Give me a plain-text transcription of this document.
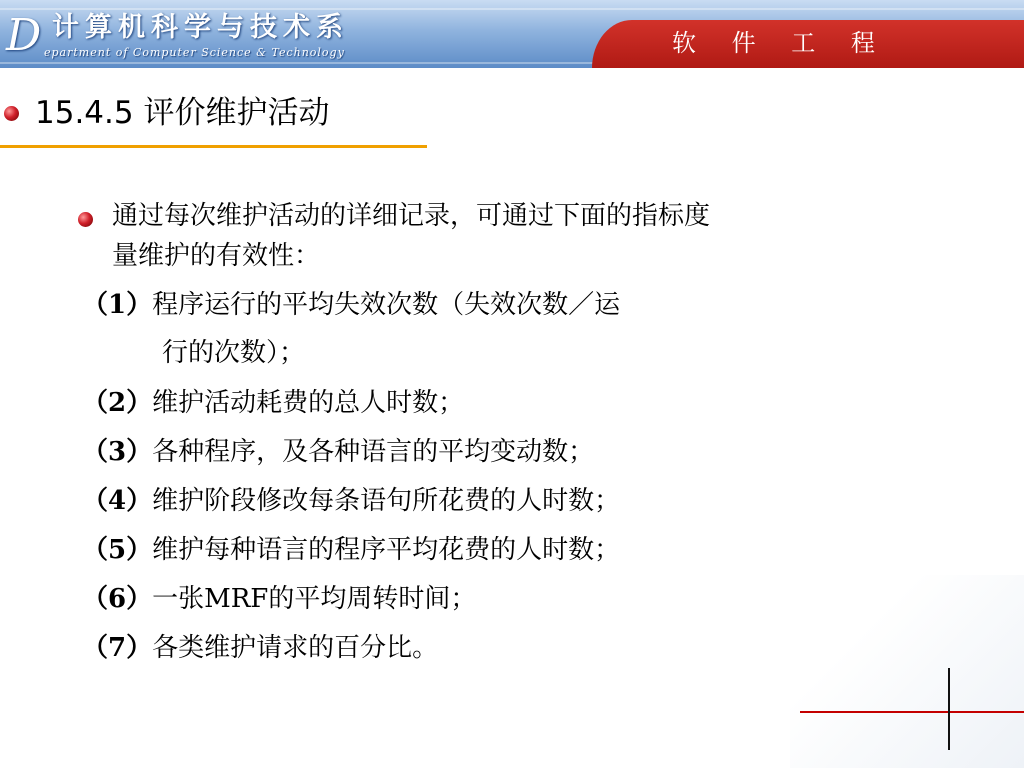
D 计算机科学与技术系
epartment of Computer Science & Technology	软 件 工 程
15.4.5 评价维护活动
通过每次维护活动的详细记录，可通过下面的指标度
量维护的有效性：
（1）程序运行的平均失效次数（失效次数／运
行的次数）；
（2）维护活动耗费的总人时数；
（3）各种程序，及各种语言的平均变动数；
（4）维护阶段修改每条语句所花费的人时数；
（5）维护每种语言的程序平均花费的人时数；
（6）一张MRF的平均周转时间；
（7）各类维护请求的百分比。
